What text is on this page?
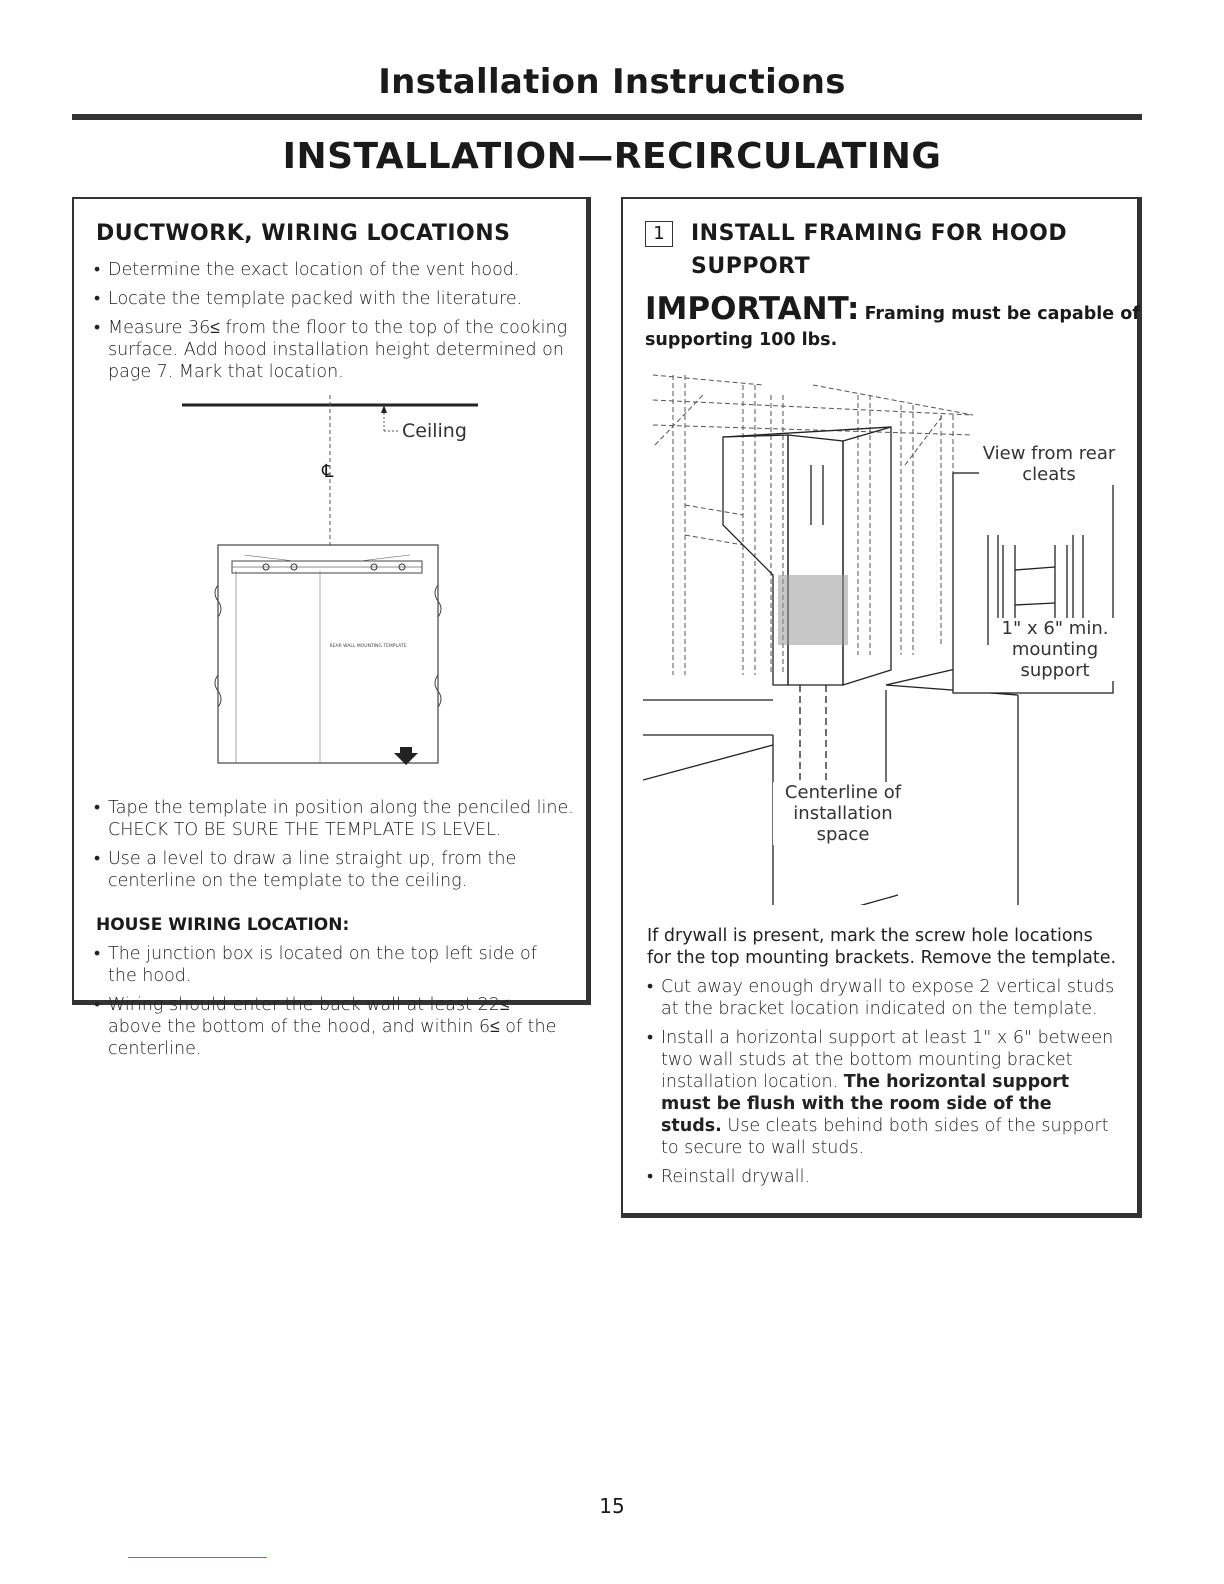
Installation Instructions
INSTALLATION—RECIRCULATING
DUCTWORK, WIRING LOCATIONS
• Determine the exact location of the vent hood.
• Locate the template packed with the literature.
• Measure 36≤ from the floor to the top of the cooking surface. Add hood installation height determined on page 7. Mark that location.
REAR WALL MOUNTING TEMPLATE
Ceiling
℄
• Tape the template in position along the penciled line. CHECK TO BE SURE THE TEMPLATE IS LEVEL.
• Use a level to draw a line straight up, from the centerline on the template to the ceiling.
HOUSE WIRING LOCATION:
• The junction box is located on the top left side of the hood.
• Wiring should enter the back wall at least 22≤ above the bottom of the hood, and within 6≤ of the centerline.
1	INSTALL FRAMING FOR HOOD
SUPPORT
IMPORTANT: Framing must be capable of
supporting 100 lbs.
View from rear
cleats
1" x 6" min.
mounting
support
Centerline of
installation
space
If drywall is present, mark the screw hole locations for the top mounting brackets. Remove the template.
• Cut away enough drywall to expose 2 vertical studs at the bracket location indicated on the template.
• Install a horizontal support at least 1" x 6" between two wall studs at the bottom mounting bracket installation location. The horizontal support must be flush with the room side of the studs. Use cleats behind both sides of the support to secure to wall studs.
• Reinstall drywall.
15
